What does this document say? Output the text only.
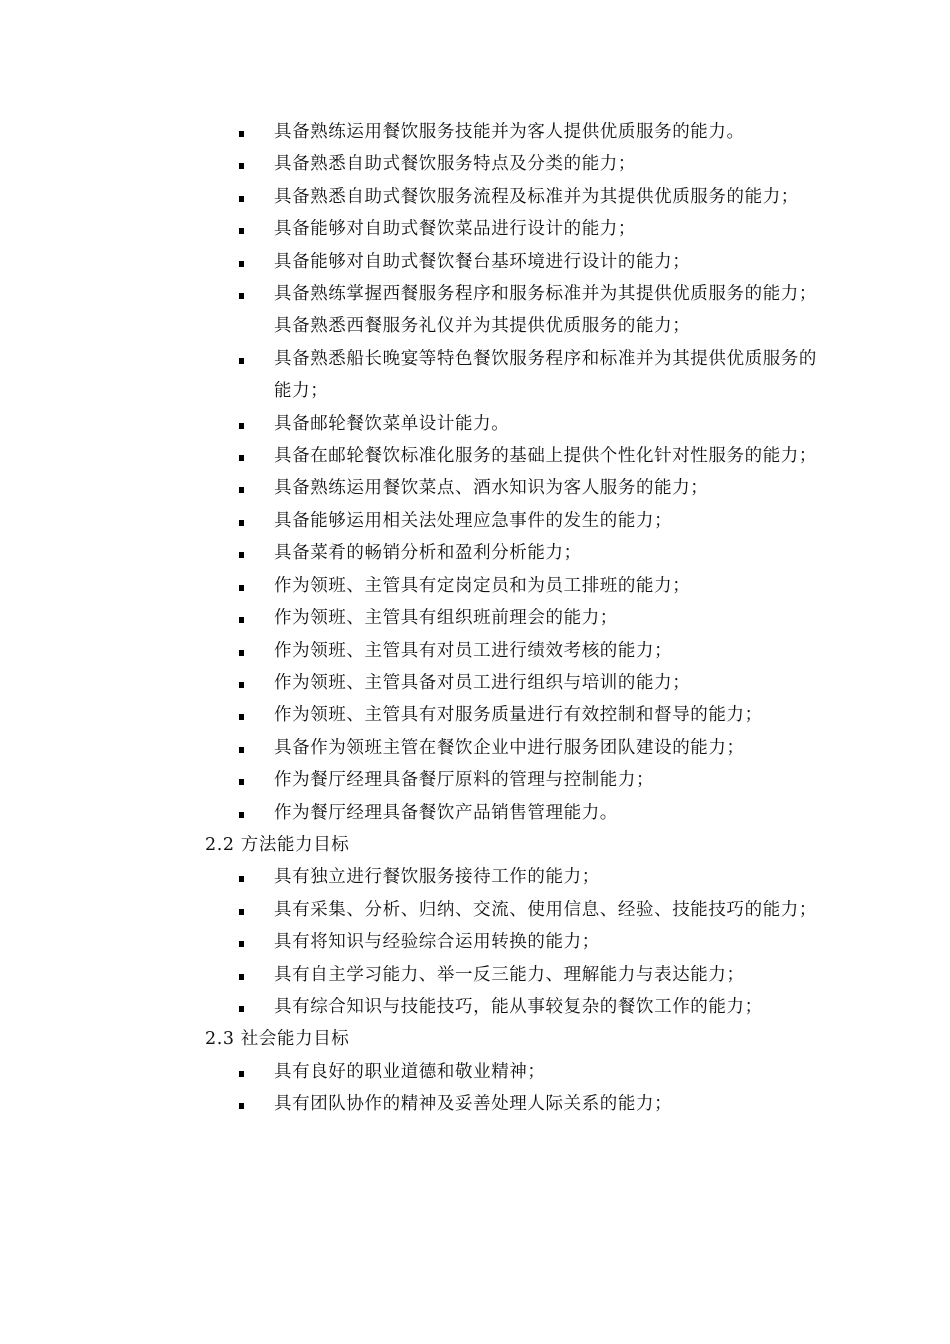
具备熟练运用餐饮服务技能并为客人提供优质服务的能力。
具备熟悉自助式餐饮服务特点及分类的能力；
具备熟悉自助式餐饮服务流程及标准并为其提供优质服务的能力；
具备能够对自助式餐饮菜品进行设计的能力；
具备能够对自助式餐饮餐台基环境进行设计的能力；
具备熟练掌握西餐服务程序和服务标准并为其提供优质服务的能力；具备熟悉西餐服务礼仪并为其提供优质服务的能力；
具备熟悉船长晚宴等特色餐饮服务程序和标准并为其提供优质服务的能力；
具备邮轮餐饮菜单设计能力。
具备在邮轮餐饮标准化服务的基础上提供个性化针对性服务的能力；
具备熟练运用餐饮菜点、酒水知识为客人服务的能力；
具备能够运用相关法处理应急事件的发生的能力；
具备菜肴的畅销分析和盈利分析能力；
作为领班、主管具有定岗定员和为员工排班的能力；
作为领班、主管具有组织班前理会的能力；
作为领班、主管具有对员工进行绩效考核的能力；
作为领班、主管具备对员工进行组织与培训的能力；
作为领班、主管具有对服务质量进行有效控制和督导的能力；
具备作为领班主管在餐饮企业中进行服务团队建设的能力；
作为餐厅经理具备餐厅原料的管理与控制能力；
作为餐厅经理具备餐饮产品销售管理能力。
2.2 方法能力目标
具有独立进行餐饮服务接待工作的能力；
具有采集、分析、归纳、交流、使用信息、经验、技能技巧的能力；
具有将知识与经验综合运用转换的能力；
具有自主学习能力、举一反三能力、理解能力与表达能力；
具有综合知识与技能技巧，能从事较复杂的餐饮工作的能力；
2.3 社会能力目标
具有良好的职业道德和敬业精神；
具有团队协作的精神及妥善处理人际关系的能力；
